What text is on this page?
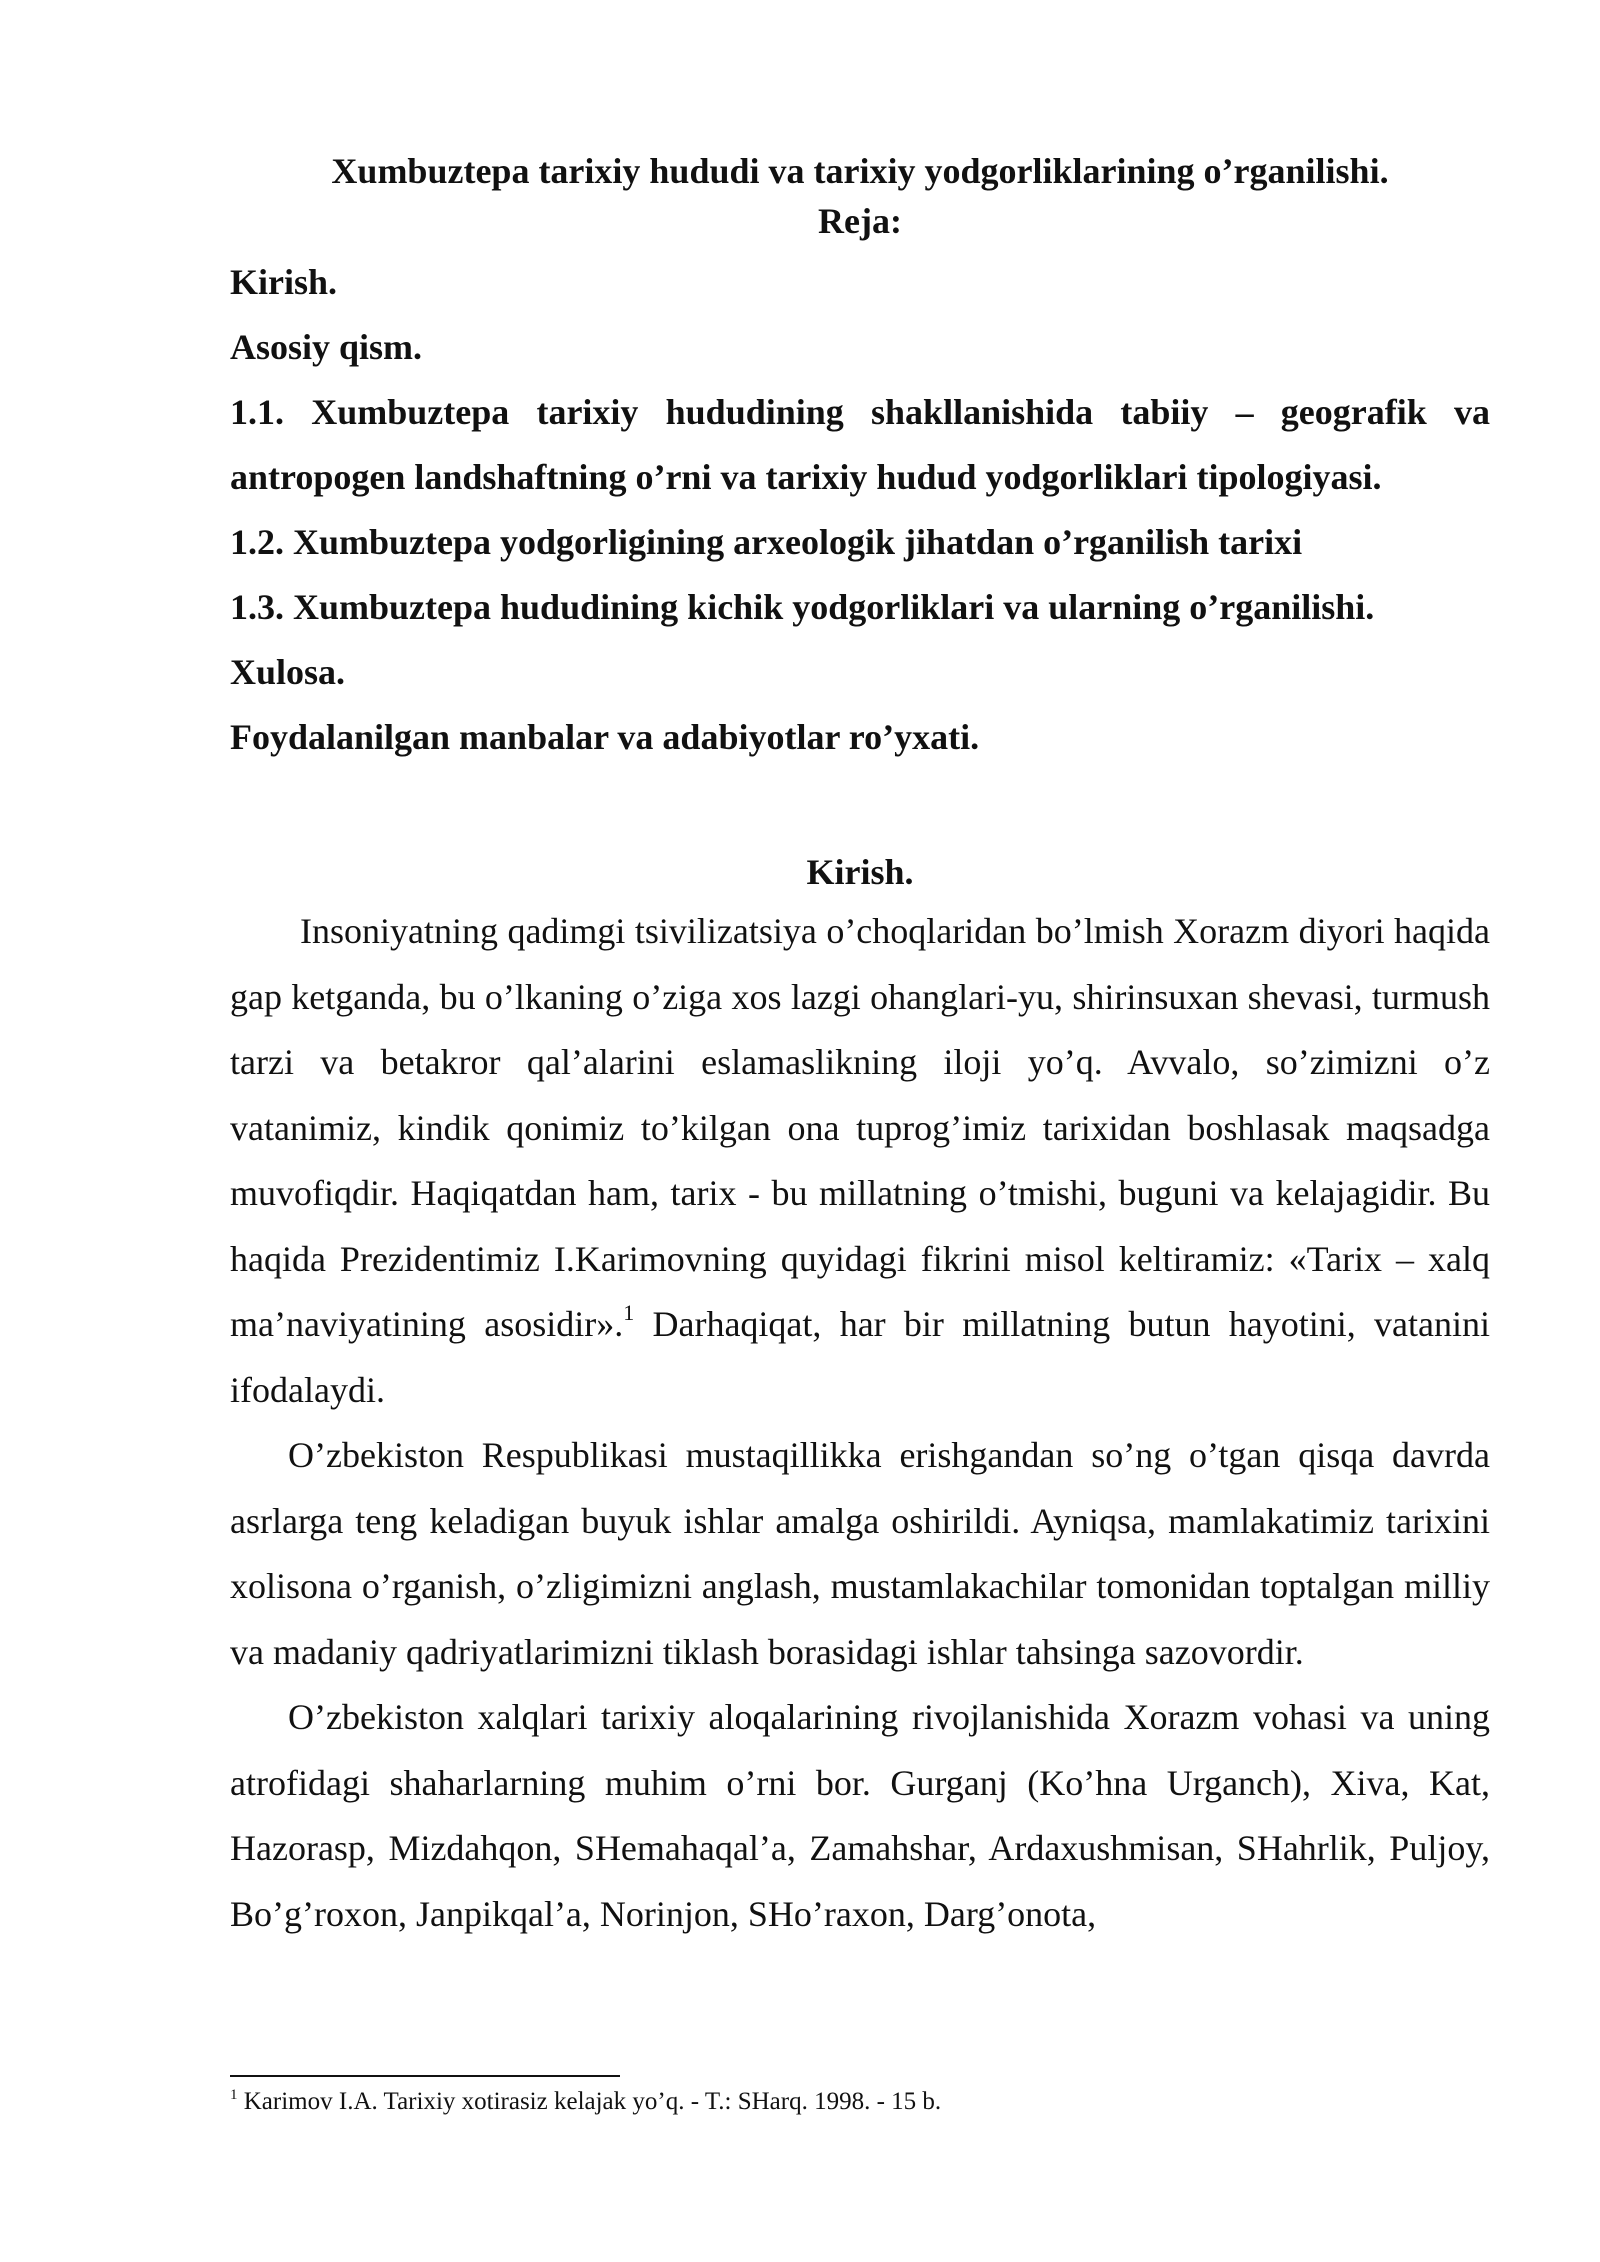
Xumbuztepa tarixiy hududi va tarixiy yodgorliklarining o’rganilishi.
Reja:
Kirish.
Asosiy qism.
1.1. Xumbuztepa tarixiy hududining shakllanishida tabiiy – geografik va antropogen landshaftning o’rni va tarixiy hudud yodgorliklari tipologiyasi.
1.2. Xumbuztepa yodgorligining arxeologik jihatdan o’rganilish tarixi
1.3. Xumbuztepa hududining kichik yodgorliklari va ularning o’rganilishi.
Xulosa.
Foydalanilgan manbalar va adabiyotlar ro’yxati.
Kirish.

Insoniyatning qadimgi tsivilizatsiya o’choqlaridan bo’lmish Xorazm diyori haqida gap ketganda, bu o’lkaning o’ziga xos lazgi ohanglari-yu, shirinsuxan shevasi, turmush tarzi va betakror qal’alarini eslamaslikning iloji yo’q. Avvalo, so’zimizni o’z vatanimiz, kindik qonimiz to’kilgan ona tuprog’imiz tarixidan boshlasak maqsadga muvofiqdir. Haqiqatdan ham, tarix - bu millatning o’tmishi, buguni va kelajagidir. Bu haqida Prezidentimiz I.Karimovning quyidagi fikrini misol keltiramiz: «Tarix – xalq ma’naviyatining asosidir».$^1$ Darhaqiqat, har bir millatning butun hayotini, vatanini ifodalaydi.

O’zbekiston Respublikasi mustaqillikka erishgandan so’ng o’tgan qisqa davrda asrlarga teng keladigan buyuk ishlar amalga oshirildi. Ayniqsa, mamlakatimiz tarixini xolisona o’rganish, o’zligimizni anglash, mustamlakachilar tomonidan toptalgan milliy va madaniy qadriyatlarimizni tiklash borasidagi ishlar tahsinga sazovordir.

O’zbekiston xalqlari tarixiy aloqalarining rivojlanishida Xorazm vohasi va uning atrofidagi shaharlarning muhim o’rni bor. Gurganj (Ko’hna Urganch), Xiva, Kat, Hazorasp, Mizdahqon, SHemahaqal’a, Zamahshar, Ardaxushmisan, SHahrlik, Puljoy, Bo’g’roxon, Janpikqal’a, Norinjon, SHo’raxon, Darg’onota,

$^1$ Karimov I.A. Tarixiy xotirasiz kelajak yo’q. - T.: SHarq. 1998. - 15 b.
